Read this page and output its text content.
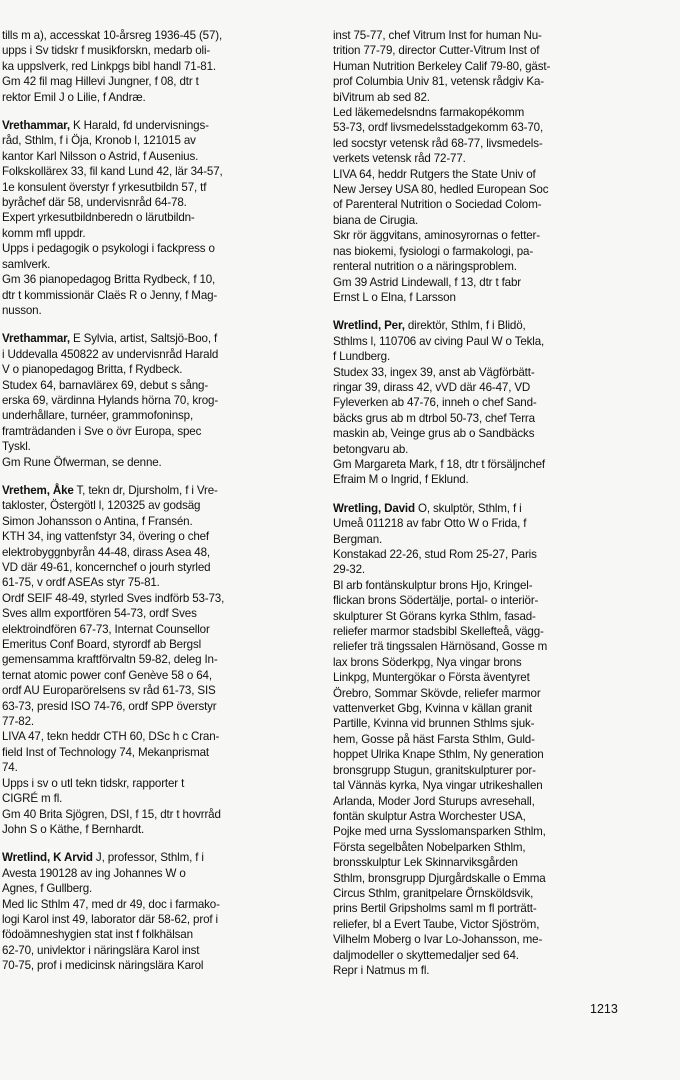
tills m a), accesskat 10-årsreg 1936-45 (57),
upps i Sv tidskr f musikforskn, medarb oli-
ka uppslverk, red Linkpgs bibl handl 71-81.
Gm 42 fil mag Hillevi Jungner, f 08, dtr t
rektor Emil J o Lilie, f Andræ.
Vrethammar, K Harald, fd undervisnings-
råd, Sthlm, f i Öja, Kronob l, 121015 av
kantor Karl Nilsson o Astrid, f Ausenius.
Folkskollärex 33, fil kand Lund 42, lär 34-57,
1e konsulent överstyr f yrkesutbildn 57, tf
byråchef där 58, undervisnråd 64-78.
Expert yrkesutbildnberedn o lärutbildn-
komm mfl uppdr.
Upps i pedagogik o psykologi i fackpress o
samlverk.
Gm 36 pianopedagog Britta Rydbeck, f 10,
dtr t kommissionär Claës R o Jenny, f Mag-
nusson.
Vrethammar, E Sylvia, artist, Saltsjö-Boo, f
i Uddevalla 450822 av undervisnråd Harald
V o pianopedagog Britta, f Rydbeck.
Studex 64, barnavlärex 69, debut s sång-
erska 69, värdinna Hylands hörna 70, krog-
underhållare, turnéer, grammofoninsp,
framträdanden i Sve o övr Europa, spec
Tyskl.
Gm Rune Öfwerman, se denne.
Vrethem, Åke T, tekn dr, Djursholm, f i Vre-
takloster, Östergötl l, 120325 av godsäg
Simon Johansson o Antina, f Fransén.
KTH 34, ing vattenfstyr 34, övering o chef
elektrobyggnbyrån 44-48, dirass Asea 48,
VD där 49-61, koncernchef o jourh styrled
61-75, v ordf ASEAs styr 75-81.
Ordf SEIF 48-49, styrled Sves indförb 53-73,
Sves allm exportfören 54-73, ordf Sves
elektroindfören 67-73, Internat Counsellor
Emeritus Conf Board, styrordf ab Bergsl
gemensamma kraftförvaltn 59-82, deleg In-
ternat atomic power conf Genève 58 o 64,
ordf AU Europarörelsens sv råd 61-73, SIS
63-73, presid ISO 74-76, ordf SPP överstyr
77-82.
LIVA 47, tekn heddr CTH 60, DSc h c Cran-
field Inst of Technology 74, Mekanprismat
74.
Upps i sv o utl tekn tidskr, rapporter t
CIGRÉ m fl.
Gm 40 Brita Sjögren, DSI, f 15, dtr t hovrråd
John S o Käthe, f Bernhardt.
Wretlind, K Arvid J, professor, Sthlm, f i
Avesta 190128 av ing Johannes W o
Agnes, f Gullberg.
Med lic Sthlm 47, med dr 49, doc i farmako-
logi Karol inst 49, laborator där 58-62, prof i
födoämneshygien stat inst f folkhälsan
62-70, univlektor i näringslära Karol inst
70-75, prof i medicinsk näringslära Karol
inst 75-77, chef Vitrum Inst for human Nu-
trition 77-79, director Cutter-Vitrum Inst of
Human Nutrition Berkeley Calif 79-80, gäst-
prof Columbia Univ 81, vetensk rådgiv Ka-
biVitrum ab sed 82.
Led läkemedelsndns farmakopékomm
53-73, ordf livsmedelsstadgekomm 63-70,
led socstyr vetensk råd 68-77, livsmedels-
verkets vetensk råd 72-77.
LIVA 64, heddr Rutgers the State Univ of
New Jersey USA 80, hedled European Soc
of Parenteral Nutrition o Sociedad Colom-
biana de Cirugia.
Skr rör äggvitans, aminosyrornas o fetter-
nas biokemi, fysiologi o farmakologi, pa-
renteral nutrition o a näringsproblem.
Gm 39 Astrid Lindewall, f 13, dtr t fabr
Ernst L o Elna, f Larsson
Wretlind, Per, direktör, Sthlm, f i Blidö,
Sthlms l, 110706 av civing Paul W o Tekla,
f Lundberg.
Studex 33, ingex 39, anst ab Vägförbätt-
ringar 39, dirass 42, vVD där 46-47, VD
Fyleverken ab 47-76, inneh o chef Sand-
bäcks grus ab m dtrbol 50-73, chef Terra
maskin ab, Veinge grus ab o Sandbäcks
betongvaru ab.
Gm Margareta Mark, f 18, dtr t försäljnchef
Efraim M o Ingrid, f Eklund.
Wretling, David O, skulptör, Sthlm, f i
Umeå 011218 av fabr Otto W o Frida, f
Bergman.
Konstakad 22-26, stud Rom 25-27, Paris
29-32.
Bl arb fontänskulptur brons Hjo, Kringel-
flickan brons Södertälje, portal- o interiör-
skulpturer St Görans kyrka Sthlm, fasad-
reliefer marmor stadsbibl Skellefteå, vägg-
reliefer trä tingssalen Härnösand, Gosse m
lax brons Söderkpg, Nya vingar brons
Linkpg, Muntergökar o Första äventyret
Örebro, Sommar Skövde, reliefer marmor
vattenverket Gbg, Kvinna v källan granit
Partille, Kvinna vid brunnen Sthlms sjuk-
hem, Gosse på häst Farsta Sthlm, Guld-
hoppet Ulrika Knape Sthlm, Ny generation
bronsgrupp Stugun, granitskulpturer por-
tal Vännäs kyrka, Nya vingar utrikeshallen
Arlanda, Moder Jord Sturups avresehall,
fontän skulptur Astra Worchester USA,
Pojke med urna Sysslomansparken Sthlm,
Första segelbåten Nobelparken Sthlm,
bronsskulptur Lek Skinnarviksgården
Sthlm, bronsgrupp Djurgårdskalle o Emma
Circus Sthlm, granitpelare Örnsköldsvik,
prins Bertil Gripsholms saml m fl porträtt-
reliefer, bl a Evert Taube, Victor Sjöström,
Vilhelm Moberg o Ivar Lo-Johansson, me-
daljmodeller o skyttemedaljer sed 64.
Repr i Natmus m fl.
1213
